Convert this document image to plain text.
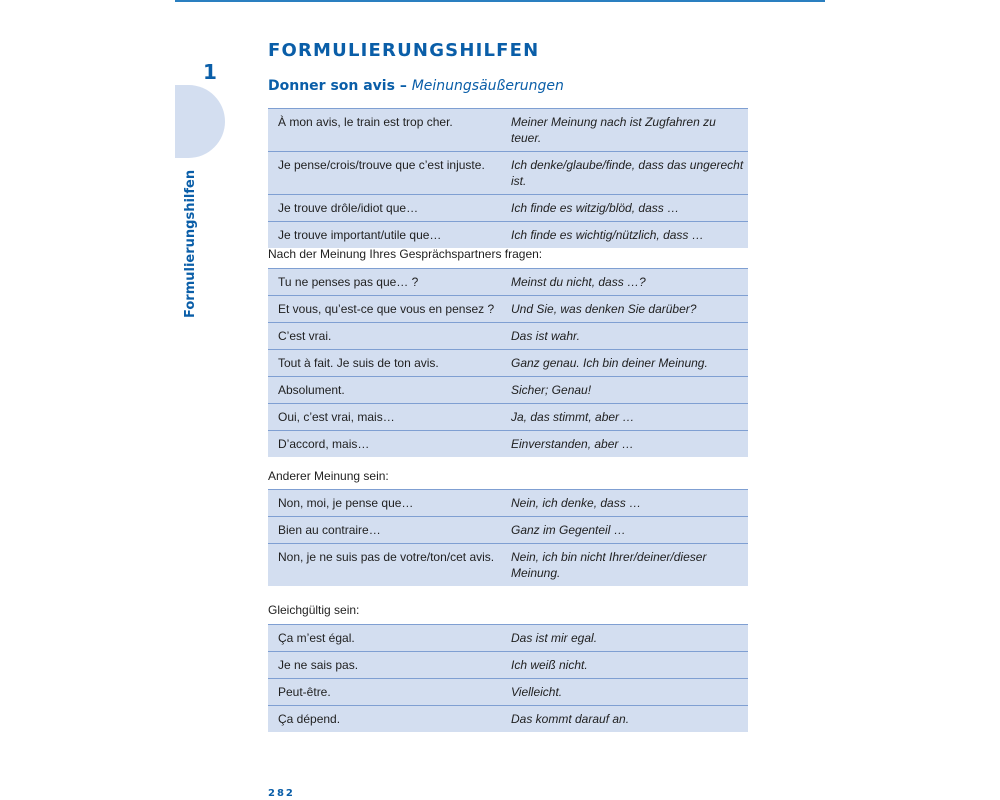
1
Formulierungshilfen
FORMULIERUNGSHILFEN
Donner son avis – Meinungsäußerungen
À mon avis, le train est trop cher.	Meiner Meinung nach ist Zugfahren zu teuer.
Je pense/crois/trouve que c’est injuste.	Ich denke/glaube/finde, dass das ungerecht ist.
Je trouve drôle/idiot que…	Ich finde es witzig/blöd, dass …
Je trouve important/utile que…	Ich finde es wichtig/nützlich, dass …
Nach der Meinung Ihres Gesprächspartners fragen:
Tu ne penses pas que… ?	Meinst du nicht, dass …?
Et vous, qu’est-ce que vous en pensez ?	Und Sie, was denken Sie darüber?
C’est vrai.	Das ist wahr.
Tout à fait. Je suis de ton avis.	Ganz genau. Ich bin deiner Meinung.
Absolument.	Sicher; Genau!
Oui, c’est vrai, mais…	Ja, das stimmt, aber …
D’accord, mais…	Einverstanden, aber …
Anderer Meinung sein:
Non, moi, je pense que…	Nein, ich denke, dass …
Bien au contraire…	Ganz im Gegenteil …
Non, je ne suis pas de votre/ton/cet avis.	Nein, ich bin nicht Ihrer/deiner/dieser Meinung.
Gleichgültig sein:
Ça m’est égal.	Das ist mir egal.
Je ne sais pas.	Ich weiß nicht.
Peut-être.	Vielleicht.
Ça dépend.	Das kommt darauf an.
282
